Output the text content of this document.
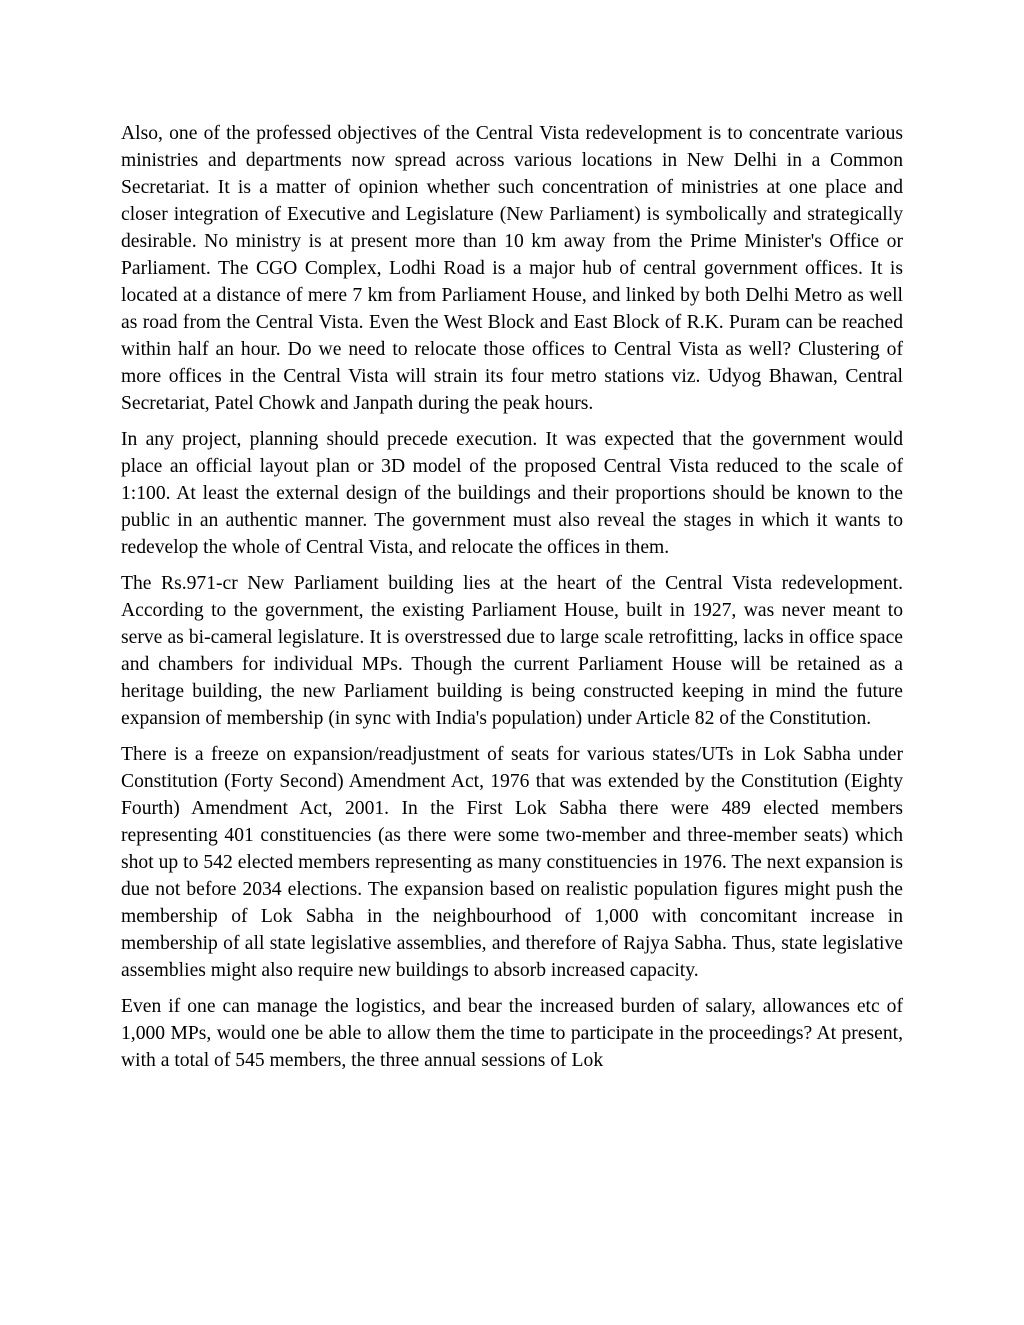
Also, one of the professed objectives of the Central Vista redevelopment is to concentrate various ministries and departments now spread across various locations in New Delhi in a Common Secretariat. It is a matter of opinion whether such concentration of ministries at one place and closer integration of Executive and Legislature (New Parliament) is symbolically and strategically desirable. No ministry is at present more than 10 km away from the Prime Minister's Office or Parliament. The CGO Complex, Lodhi Road is a major hub of central government offices. It is located at a distance of mere 7 km from Parliament House, and linked by both Delhi Metro as well as road from the Central Vista. Even the West Block and East Block of R.K. Puram can be reached within half an hour. Do we need to relocate those offices to Central Vista as well? Clustering of more offices in the Central Vista will strain its four metro stations viz. Udyog Bhawan, Central Secretariat, Patel Chowk and Janpath during the peak hours.

In any project, planning should precede execution. It was expected that the government would place an official layout plan or 3D model of the proposed Central Vista reduced to the scale of 1:100. At least the external design of the buildings and their proportions should be known to the public in an authentic manner. The government must also reveal the stages in which it wants to redevelop the whole of Central Vista, and relocate the offices in them.

The Rs.971-cr New Parliament building lies at the heart of the Central Vista redevelopment. According to the government, the existing Parliament House, built in 1927, was never meant to serve as bi-cameral legislature. It is overstressed due to large scale retrofitting, lacks in office space and chambers for individual MPs. Though the current Parliament House will be retained as a heritage building, the new Parliament building is being constructed keeping in mind the future expansion of membership (in sync with India's population) under Article 82 of the Constitution.

There is a freeze on expansion/readjustment of seats for various states/UTs in Lok Sabha under Constitution (Forty Second) Amendment Act, 1976 that was extended by the Constitution (Eighty Fourth) Amendment Act, 2001. In the First Lok Sabha there were 489 elected members representing 401 constituencies (as there were some two-member and three-member seats) which shot up to 542 elected members representing as many constituencies in 1976. The next expansion is due not before 2034 elections. The expansion based on realistic population figures might push the membership of Lok Sabha in the neighbourhood of 1,000 with concomitant increase in membership of all state legislative assemblies, and therefore of Rajya Sabha. Thus, state legislative assemblies might also require new buildings to absorb increased capacity.

Even if one can manage the logistics, and bear the increased burden of salary, allowances etc of 1,000 MPs, would one be able to allow them the time to participate in the proceedings? At present, with a total of 545 members, the three annual sessions of Lok
